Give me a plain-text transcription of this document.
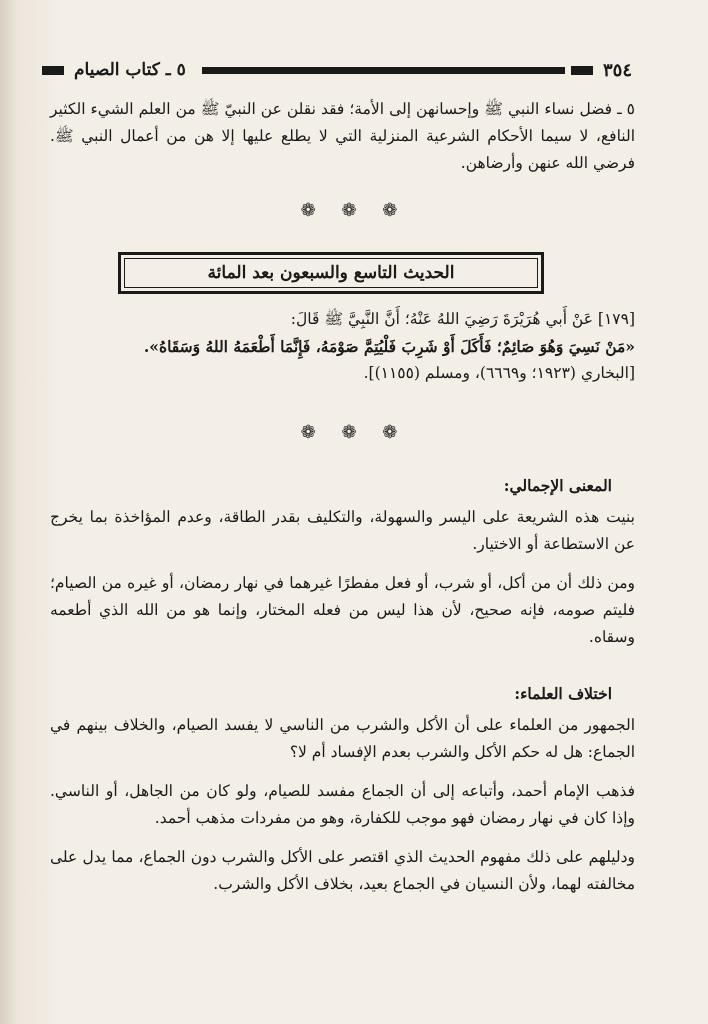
٣٥٤
٥ ـ كتاب الصيام

٥ ـ فضل نساء النبي ﷺ وإحسانهن إلى الأمة؛ فقد نقلن عن النبيّ ﷺ من العلم الشيء الكثير النافع، لا سيما الأحكام الشرعية المنزلية التي لا يطلع عليها إلا هن من أعمال النبي ﷺ. فرضي الله عنهن وأرضاهن.

❁ ❁ ❁
الحديث التاسع والسبعون بعد المائة

[١٧٩] عَنْ أَبي هُرَيْرَةَ رَضِيَ اللهُ عَنْهُ؛ أَنَّ النَّبِيَّ ﷺ قَالَ:

«مَنْ نَسِيَ وَهُوَ صَائِمٌ؛ فَأَكَلَ أَوْ شَرِبَ فَلْيُتِمَّ صَوْمَهُ، فَإِنَّمَا أَطْعَمَهُ اللهُ وَسَقَاهُ».

[البخاري (١٩٢٣؛ و٦٦٦٩)، ومسلم (١١٥٥)].

❁ ❁ ❁
المعنى الإجمالي:

بنيت هذه الشريعة على اليسر والسهولة، والتكليف بقدر الطاقة، وعدم المؤاخذة بما يخرج عن الاستطاعة أو الاختيار.

ومن ذلك أن من أكل، أو شرب، أو فعل مفطرًا غيرهما في نهار رمضان، أو غيره من الصيام؛ فليتم صومه، فإنه صحيح، لأن هذا ليس من فعله المختار، وإنما هو من الله الذي أطعمه وسقاه.

اختلاف العلماء:

الجمهور من العلماء على أن الأكل والشرب من الناسي لا يفسد الصيام، والخلاف بينهم في الجماع: هل له حكم الأكل والشرب بعدم الإفساد أم لا؟

فذهب الإمام أحمد، وأتباعه إلى أن الجماع مفسد للصيام، ولو كان من الجاهل، أو الناسي. وإذا كان في نهار رمضان فهو موجب للكفارة، وهو من مفردات مذهب أحمد.

ودليلهم على ذلك مفهوم الحديث الذي اقتصر على الأكل والشرب دون الجماع، مما يدل على مخالفته لهما، ولأن النسيان في الجماع بعيد، بخلاف الأكل والشرب.
